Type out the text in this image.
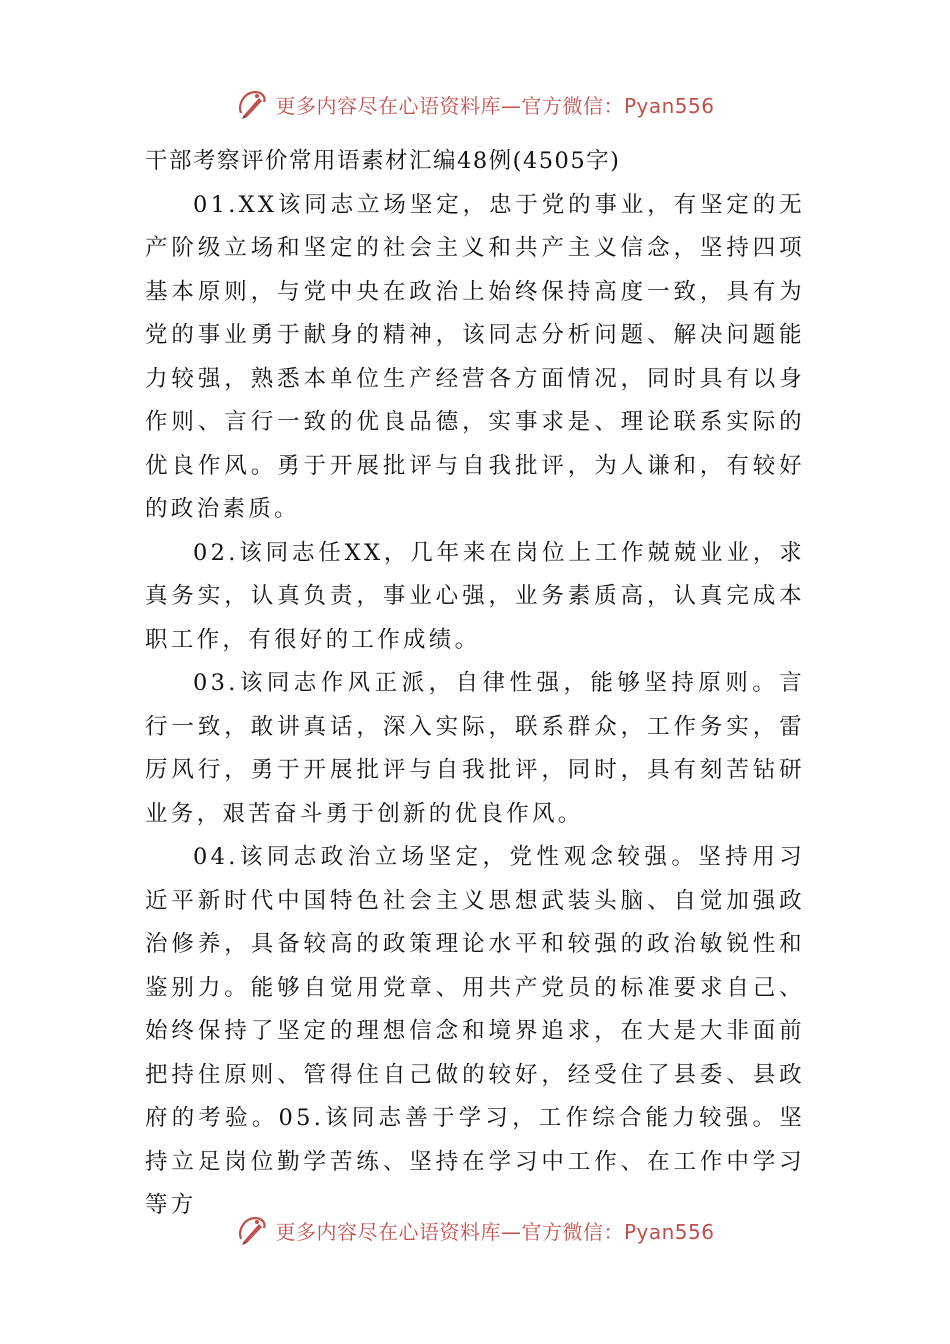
更多内容尽在心语资料库—官方微信：Pyan556

干部考察评价常用语素材汇编48例(4505字)

01.XX该同志立场坚定，忠于党的事业，有坚定的无产阶级立场和坚定的社会主义和共产主义信念，坚持四项基本原则，与党中央在政治上始终保持高度一致，具有为党的事业勇于献身的精神，该同志分析问题、解决问题能力较强，熟悉本单位生产经营各方面情况，同时具有以身作则、言行一致的优良品德，实事求是、理论联系实际的优良作风。勇于开展批评与自我批评，为人谦和，有较好的政治素质。

02.该同志任XX，几年来在岗位上工作兢兢业业，求真务实，认真负责，事业心强，业务素质高，认真完成本职工作，有很好的工作成绩。

03.该同志作风正派，自律性强，能够坚持原则。言行一致，敢讲真话，深入实际，联系群众，工作务实，雷厉风行，勇于开展批评与自我批评，同时，具有刻苦钻研业务，艰苦奋斗勇于创新的优良作风。

04.该同志政治立场坚定，党性观念较强。坚持用习近平新时代中国特色社会主义思想武装头脑、自觉加强政治修养，具备较高的政策理论水平和较强的政治敏锐性和鉴别力。能够自觉用党章、用共产党员的标准要求自己、始终保持了坚定的理想信念和境界追求，在大是大非面前把持住原则、管得住自己做的较好，经受住了县委、县政府的考验。05.该同志善于学习，工作综合能力较强。坚持立足岗位勤学苦练、坚持在学习中工作、在工作中学习等方

更多内容尽在心语资料库—官方微信：Pyan556
